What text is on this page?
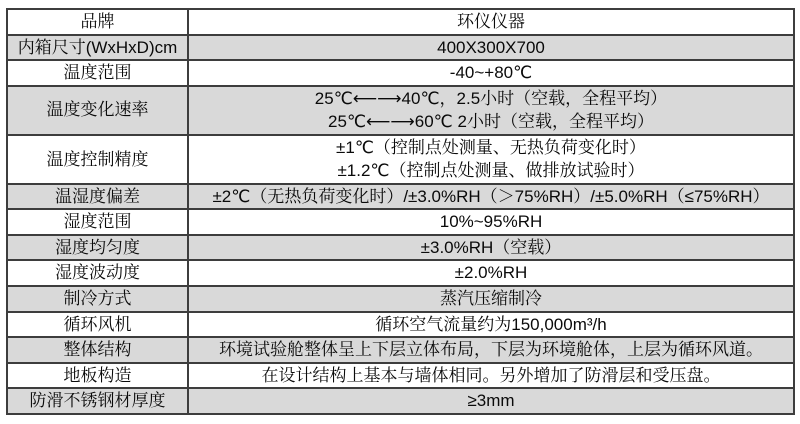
品牌	环仪仪器

内箱尺寸(WxHxD)cm	400X300X700

温度范围	-40~+80℃

温度变化速率	25℃⟵⟶40℃，2.5小时（空载，全程平均）
25℃⟵⟶60℃ 2小时（空载，全程平均）

温度控制精度	±1℃（控制点处测量、无热负荷变化时）
±1.2℃（控制点处测量、做排放试验时）

温湿度偏差	±2℃（无热负荷变化时）/±3.0%RH（＞75%RH）/±5.0%RH（≤75%RH）

湿度范围	10%~95%RH

湿度均匀度	±3.0%RH（空载）

湿度波动度	±2.0%RH

制冷方式	蒸汽压缩制冷

循环风机	循环空气流量约为150,000m³/h

整体结构	环境试验舱整体呈上下层立体布局，下层为环境舱体，上层为循环风道。

地板构造	在设计结构上基本与墙体相同。另外增加了防滑层和受压盘。

防滑不锈钢材厚度	≥3mm
